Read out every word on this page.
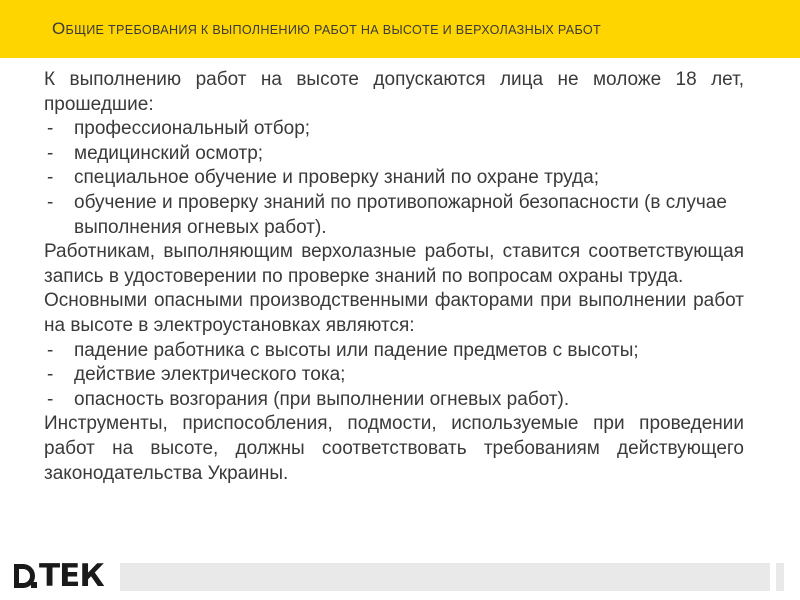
ОБЩИЕ ТРЕБОВАНИЯ К ВЫПОЛНЕНИЮ РАБОТ НА ВЫСОТЕ И ВЕРХОЛАЗНЫХ РАБОТ

К выполнению работ на высоте допускаются лица не моложе 18 лет, прошедшие:

- профессиональный отбор;
- медицинский осмотр;
- специальное обучение и проверку знаний по охране труда;
- обучение и проверку знаний по противопожарной безопасности (в случае выполнения огневых работ).

Работникам, выполняющим верхолазные работы, ставится соответствующая запись в удостоверении по проверке знаний по вопросам охраны труда.

Основными опасными производственными факторами при выполнении работ на высоте в электроустановках являются:

- падение работника с высоты или падение предметов с высоты;
- действие электрического тока;
- опасность возгорания (при выполнении огневых работ).

Инструменты, приспособления, подмости, используемые при проведении работ на высоте, должны соответствовать требованиям действующего законодательства Украины.

ТЕК
